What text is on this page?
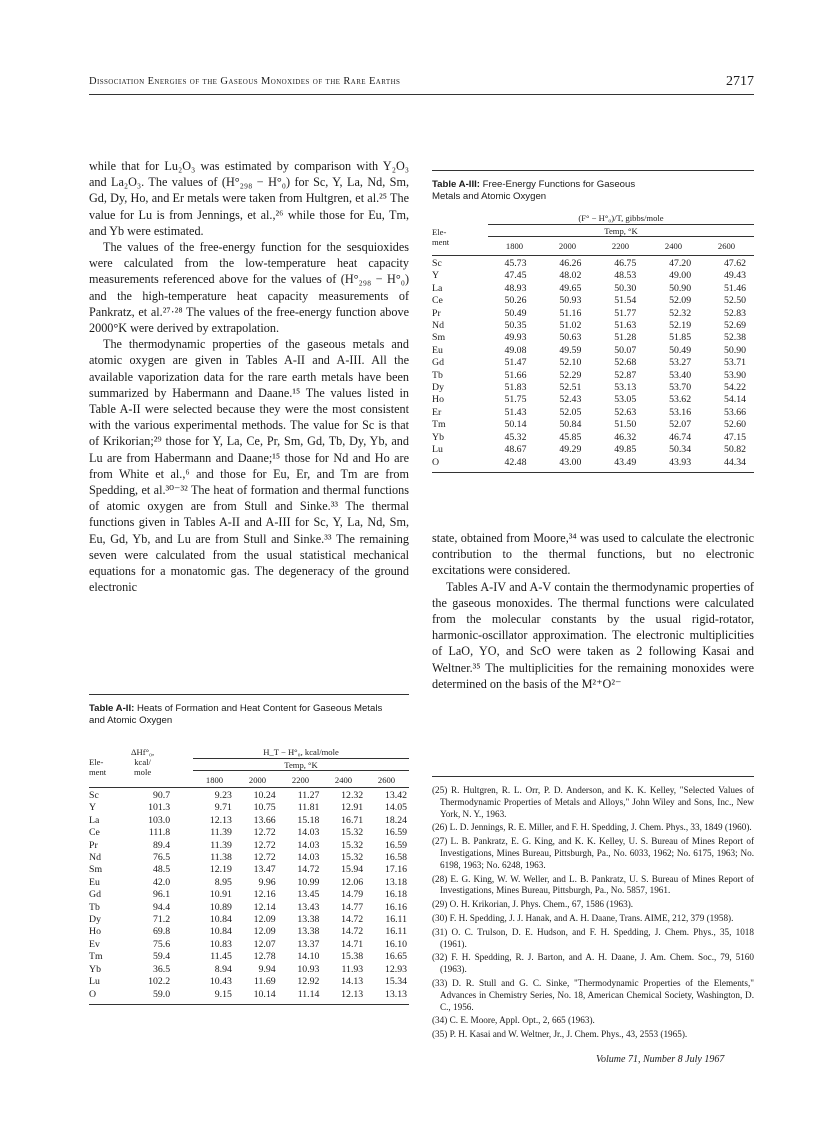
Dissociation Energies of the Gaseous Monoxides of the Rare Earths	2717

while that for Lu₂O₃ was estimated by comparison with Y₂O₃ and La₂O₃. The values of (H°₂₉₈ − H°₀) for Sc, Y, La, Nd, Sm, Gd, Dy, Ho, and Er metals were taken from Hultgren, et al.²⁵ The value for Lu is from Jennings, et al.,²⁶ while those for Eu, Tm, and Yb were estimated.

The values of the free-energy function for the sesquioxides were calculated from the low-temperature heat capacity measurements referenced above for the values of (H°₂₉₈ − H°₀) and the high-temperature heat capacity measurements of Pankratz, et al.²⁷·²⁸ The values of the free-energy function above 2000°K were derived by extrapolation.

The thermodynamic properties of the gaseous metals and atomic oxygen are given in Tables A-II and A-III. All the available vaporization data for the rare earth metals have been summarized by Habermann and Daane.¹⁵ The values listed in Table A-II were selected because they were the most consistent with the various experimental methods. The value for Sc is that of Krikorian;²⁹ those for Y, La, Ce, Pr, Sm, Gd, Tb, Dy, Yb, and Lu are from Habermann and Daane;¹⁵ those for Nd and Ho are from White et al.,⁶ and those for Eu, Er, and Tm are from Spedding, et al.³⁰⁻³² The heat of formation and thermal functions of atomic oxygen are from Stull and Sinke.³³ The thermal functions given in Tables A-II and A-III for Sc, Y, La, Nd, Sm, Eu, Gd, Yb, and Lu are from Stull and Sinke.³³ The remaining seven were calculated from the usual statistical mechanical equations for a monatomic gas. The degeneracy of the ground electronic

Table A-III: Free-Energy Functions for Gaseous Metals and Atomic Oxygen
Ele-
ment
(F° − H°₀)/T, gibbs/mole
Temp, °K
1800	2000	2200	2400	2600
Sc	45.73	46.26	46.75	47.20	47.62
Y	47.45	48.02	48.53	49.00	49.43
La	48.93	49.65	50.30	50.90	51.46
Ce	50.26	50.93	51.54	52.09	52.50
Pr	50.49	51.16	51.77	52.32	52.83
Nd	50.35	51.02	51.63	52.19	52.69
Sm	49.93	50.63	51.28	51.85	52.38
Eu	49.08	49.59	50.07	50.49	50.90
Gd	51.47	52.10	52.68	53.27	53.71
Tb	51.66	52.29	52.87	53.40	53.90
Dy	51.83	52.51	53.13	53.70	54.22
Ho	51.75	52.43	53.05	53.62	54.14
Er	51.43	52.05	52.63	53.16	53.66
Tm	50.14	50.84	51.50	52.07	52.60
Yb	45.32	45.85	46.32	46.74	47.15
Lu	48.67	49.29	49.85	50.34	50.82
O	42.48	43.00	43.49	43.93	44.34

state, obtained from Moore,³⁴ was used to calculate the electronic contribution to the thermal functions, but no electronic excitations were considered.

Tables A-IV and A-V contain the thermodynamic properties of the gaseous monoxides. The thermal functions were calculated from the molecular constants by the usual rigid-rotator, harmonic-oscillator approximation. The electronic multiplicities of LaO, YO, and ScO were taken as 2 following Kasai and Weltner.³⁵ The multiplicities for the remaining monoxides were determined on the basis of the M²⁺O²⁻

Table A-II: Heats of Formation and Heat Content for Gaseous Metals and Atomic Oxygen
Ele-
ment
ΔHf°₀,
kcal/
mole
H_T − H°₀, kcal/mole
Temp, °K
1800	2000	2200	2400	2600
Sc	90.7	9.23	10.24	11.27	12.32	13.42
Y	101.3	9.71	10.75	11.81	12.91	14.05
La	103.0	12.13	13.66	15.18	16.71	18.24
Ce	111.8	11.39	12.72	14.03	15.32	16.59
Pr	89.4	11.39	12.72	14.03	15.32	16.59
Nd	76.5	11.38	12.72	14.03	15.32	16.58
Sm	48.5	12.19	13.47	14.72	15.94	17.16
Eu	42.0	8.95	9.96	10.99	12.06	13.18
Gd	96.1	10.91	12.16	13.45	14.79	16.18
Tb	94.4	10.89	12.14	13.43	14.77	16.16
Dy	71.2	10.84	12.09	13.38	14.72	16.11
Ho	69.8	10.84	12.09	13.38	14.72	16.11
Ev	75.6	10.83	12.07	13.37	14.71	16.10
Tm	59.4	11.45	12.78	14.10	15.38	16.65
Yb	36.5	8.94	9.94	10.93	11.93	12.93
Lu	102.2	10.43	11.69	12.92	14.13	15.34
O	59.0	9.15	10.14	11.14	12.13	13.13
(25) R. Hultgren, R. L. Orr, P. D. Anderson, and K. K. Kelley, "Selected Values of Thermodynamic Properties of Metals and Alloys," John Wiley and Sons, Inc., New York, N. Y., 1963.
(26) L. D. Jennings, R. E. Miller, and F. H. Spedding, J. Chem. Phys., 33, 1849 (1960).
(27) L. B. Pankratz, E. G. King, and K. K. Kelley, U. S. Bureau of Mines Report of Investigations, Mines Bureau, Pittsburgh, Pa., No. 6033, 1962; No. 6175, 1963; No. 6198, 1963; No. 6248, 1963.
(28) E. G. King, W. W. Weller, and L. B. Pankratz, U. S. Bureau of Mines Report of Investigations, Mines Bureau, Pittsburgh, Pa., No. 5857, 1961.
(29) O. H. Krikorian, J. Phys. Chem., 67, 1586 (1963).
(30) F. H. Spedding, J. J. Hanak, and A. H. Daane, Trans. AIME, 212, 379 (1958).
(31) O. C. Trulson, D. E. Hudson, and F. H. Spedding, J. Chem. Phys., 35, 1018 (1961).
(32) F. H. Spedding, R. J. Barton, and A. H. Daane, J. Am. Chem. Soc., 79, 5160 (1963).
(33) D. R. Stull and G. C. Sinke, "Thermodynamic Properties of the Elements," Advances in Chemistry Series, No. 18, American Chemical Society, Washington, D. C., 1956.
(34) C. E. Moore, Appl. Opt., 2, 665 (1963).
(35) P. H. Kasai and W. Weltner, Jr., J. Chem. Phys., 43, 2553 (1965).
Volume 71, Number 8 July 1967
